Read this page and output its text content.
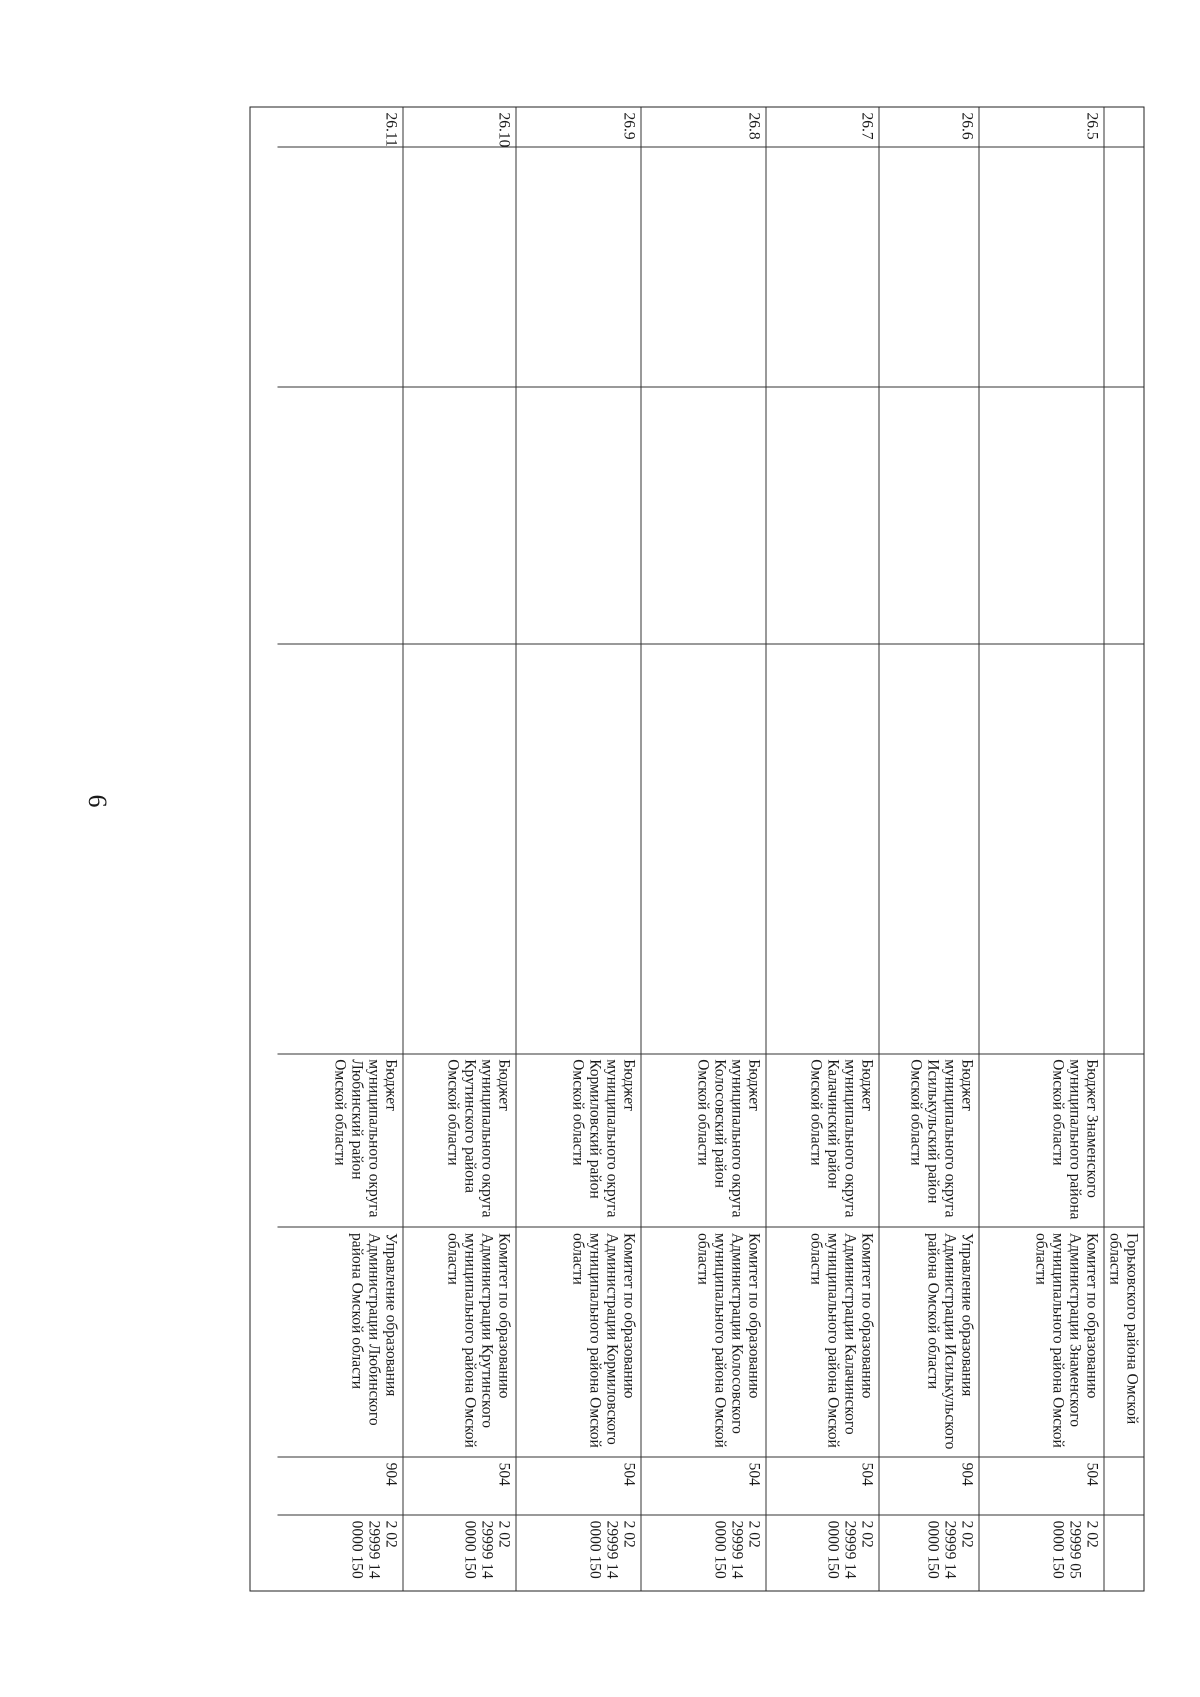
6
Горьковского района Омской области
26.5
Бюджет Знаменского муниципального района Омской области
Комитет по образованию Администрации Знаменского муниципального района Омской области
504
2 02 29999 05 0000 150
26.6
Бюджет муниципального округа Исилькульский район Омской области
Управление образования Администрации Исилькульского района Омской области
904
2 02 29999 14 0000 150
26.7
Бюджет муниципального округа Калачинский район Омской области
Комитет по образованию Администрации Калачинского муниципального района Омской области
504
2 02 29999 14 0000 150
26.8
Бюджет муниципального округа Колосовский район Омской области
Комитет по образованию Администрации Колосовского муниципального района Омской области
504
2 02 29999 14 0000 150
26.9
Бюджет муниципального округа Кормиловский район Омской области
Комитет по образованию Администрации Кормиловского муниципального района Омской области
504
2 02 29999 14 0000 150
26.10
Бюджет муниципального округа Крутинского района Омской области
Комитет по образованию Администрации Крутинского муниципального района Омской области
504
2 02 29999 14 0000 150
26.11
Бюджет муниципального округа Любинский район Омской области
Управление образования Администрации Любинского района Омской области
904
2 02 29999 14 0000 150
